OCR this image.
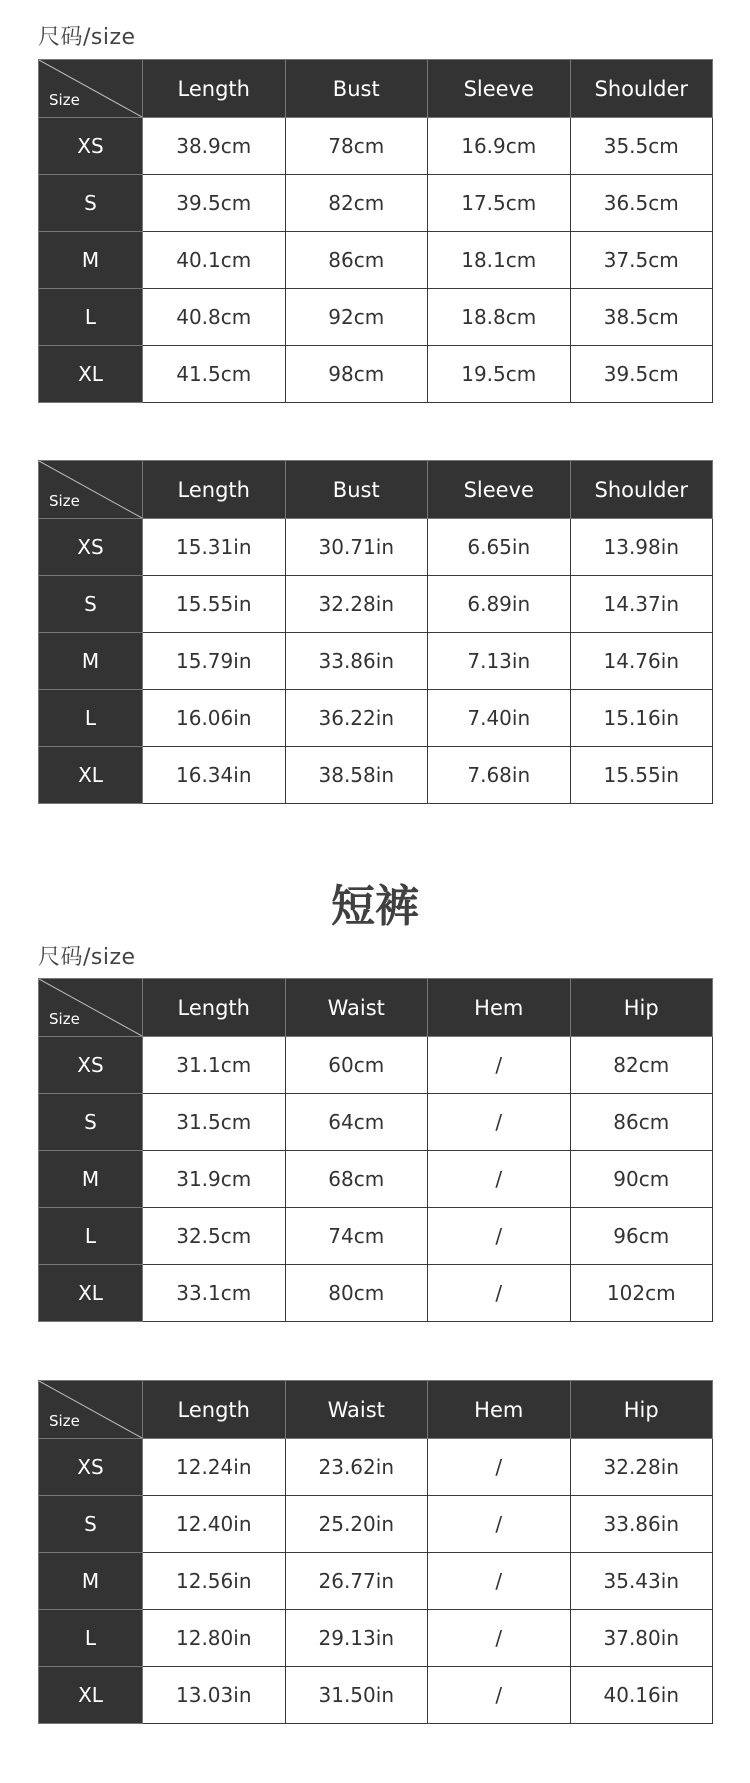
尺码/size
Size	Length	Bust	Sleeve	Shoulder
XS	38.9cm	78cm	16.9cm	35.5cm
S	39.5cm	82cm	17.5cm	36.5cm
M	40.1cm	86cm	18.1cm	37.5cm
L	40.8cm	92cm	18.8cm	38.5cm
XL	41.5cm	98cm	19.5cm	39.5cm
Size	Length	Bust	Sleeve	Shoulder
XS	15.31in	30.71in	6.65in	13.98in
S	15.55in	32.28in	6.89in	14.37in
M	15.79in	33.86in	7.13in	14.76in
L	16.06in	36.22in	7.40in	15.16in
XL	16.34in	38.58in	7.68in	15.55in
短裤
尺码/size
Size	Length	Waist	Hem	Hip
XS	31.1cm	60cm	/	82cm
S	31.5cm	64cm	/	86cm
M	31.9cm	68cm	/	90cm
L	32.5cm	74cm	/	96cm
XL	33.1cm	80cm	/	102cm
Size	Length	Waist	Hem	Hip
XS	12.24in	23.62in	/	32.28in
S	12.40in	25.20in	/	33.86in
M	12.56in	26.77in	/	35.43in
L	12.80in	29.13in	/	37.80in
XL	13.03in	31.50in	/	40.16in
